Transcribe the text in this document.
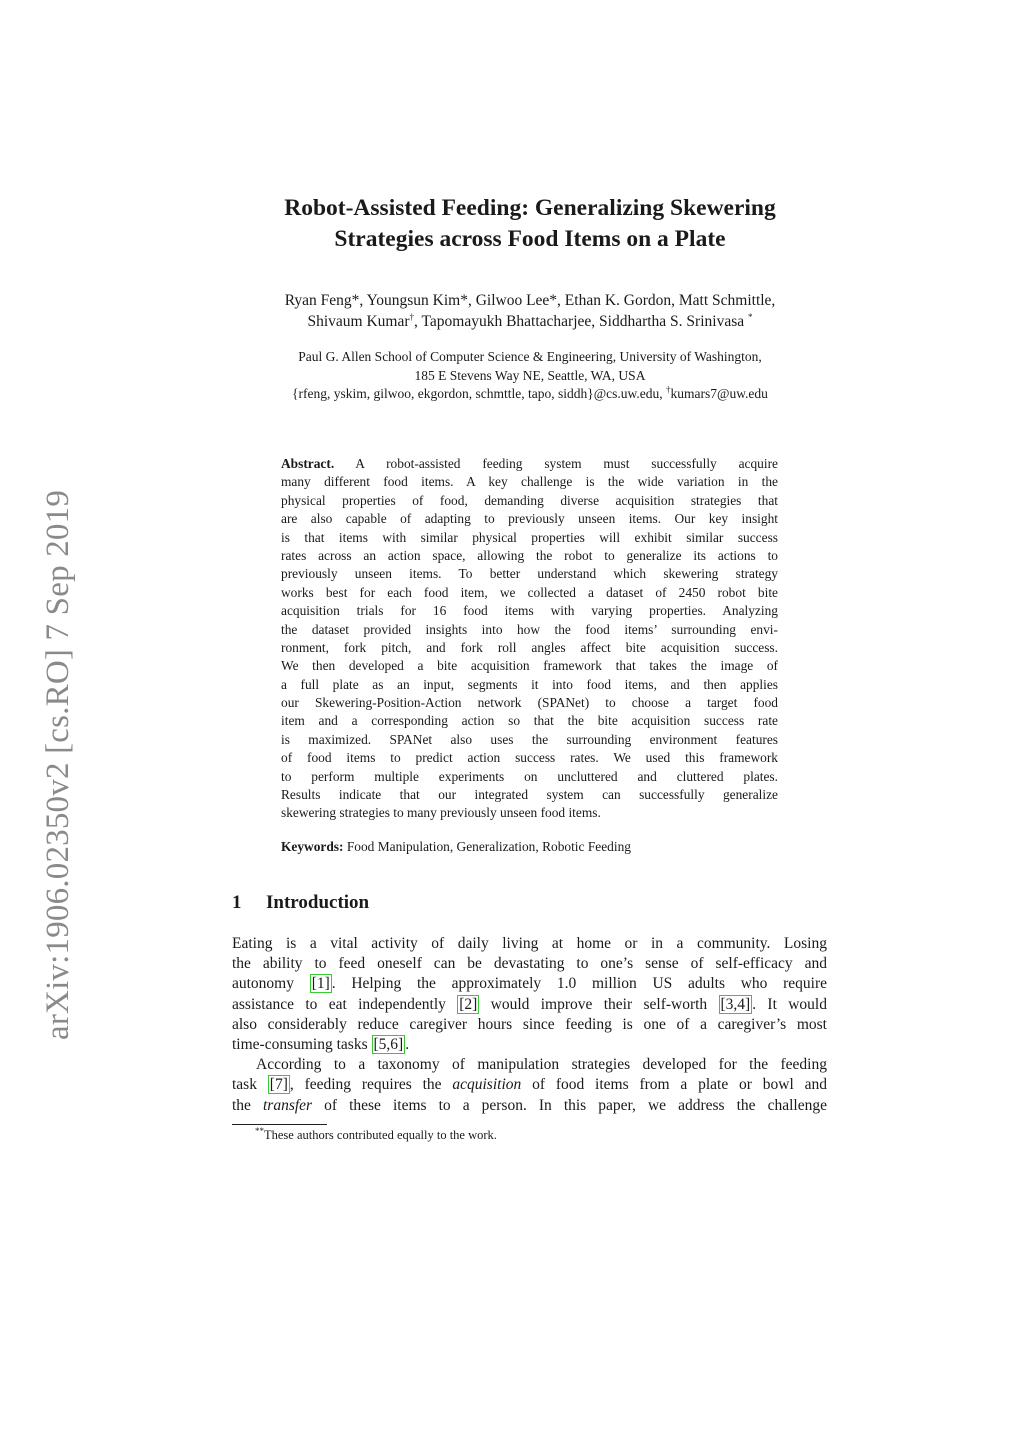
arXiv:1906.02350v2 [cs.RO] 7 Sep 2019
Robot-Assisted Feeding: Generalizing Skewering
Strategies across Food Items on a Plate
Ryan Feng*, Youngsun Kim*, Gilwoo Lee*, Ethan K. Gordon, Matt Schmittle,
Shivaum Kumar†, Tapomayukh Bhattacharjee, Siddhartha S. Srinivasa *
Paul G. Allen School of Computer Science & Engineering, University of Washington,
185 E Stevens Way NE, Seattle, WA, USA
{rfeng, yskim, gilwoo, ekgordon, schmttle, tapo, siddh}@cs.uw.edu, †kumars7@uw.edu
Abstract. A robot-assisted feeding system must successfully acquire
many different food items. A key challenge is the wide variation in the
physical properties of food, demanding diverse acquisition strategies that
are also capable of adapting to previously unseen items. Our key insight
is that items with similar physical properties will exhibit similar success
rates across an action space, allowing the robot to generalize its actions to
previously unseen items. To better understand which skewering strategy
works best for each food item, we collected a dataset of 2450 robot bite
acquisition trials for 16 food items with varying properties. Analyzing
the dataset provided insights into how the food items’ surrounding envi-
ronment, fork pitch, and fork roll angles affect bite acquisition success.
We then developed a bite acquisition framework that takes the image of
a full plate as an input, segments it into food items, and then applies
our Skewering-Position-Action network (SPANet) to choose a target food
item and a corresponding action so that the bite acquisition success rate
is maximized. SPANet also uses the surrounding environment features
of food items to predict action success rates. We used this framework
to perform multiple experiments on uncluttered and cluttered plates.
Results indicate that our integrated system can successfully generalize
skewering strategies to many previously unseen food items.
Keywords: Food Manipulation, Generalization, Robotic Feeding
1 Introduction
Eating is a vital activity of daily living at home or in a community. Losing
the ability to feed oneself can be devastating to one’s sense of self-efficacy and
autonomy [1] . Helping the approximately 1.0 million US adults who require
assistance to eat independently [2] would improve their self-worth [3,4] . It would
also considerably reduce caregiver hours since feeding is one of a caregiver’s most
time-consuming tasks [5,6] .
According to a taxonomy of manipulation strategies developed for the feeding
task [7] , feeding requires the acquisition of food items from a plate or bowl and
the transfer of these items to a person. In this paper, we address the challenge
**These authors contributed equally to the work.
